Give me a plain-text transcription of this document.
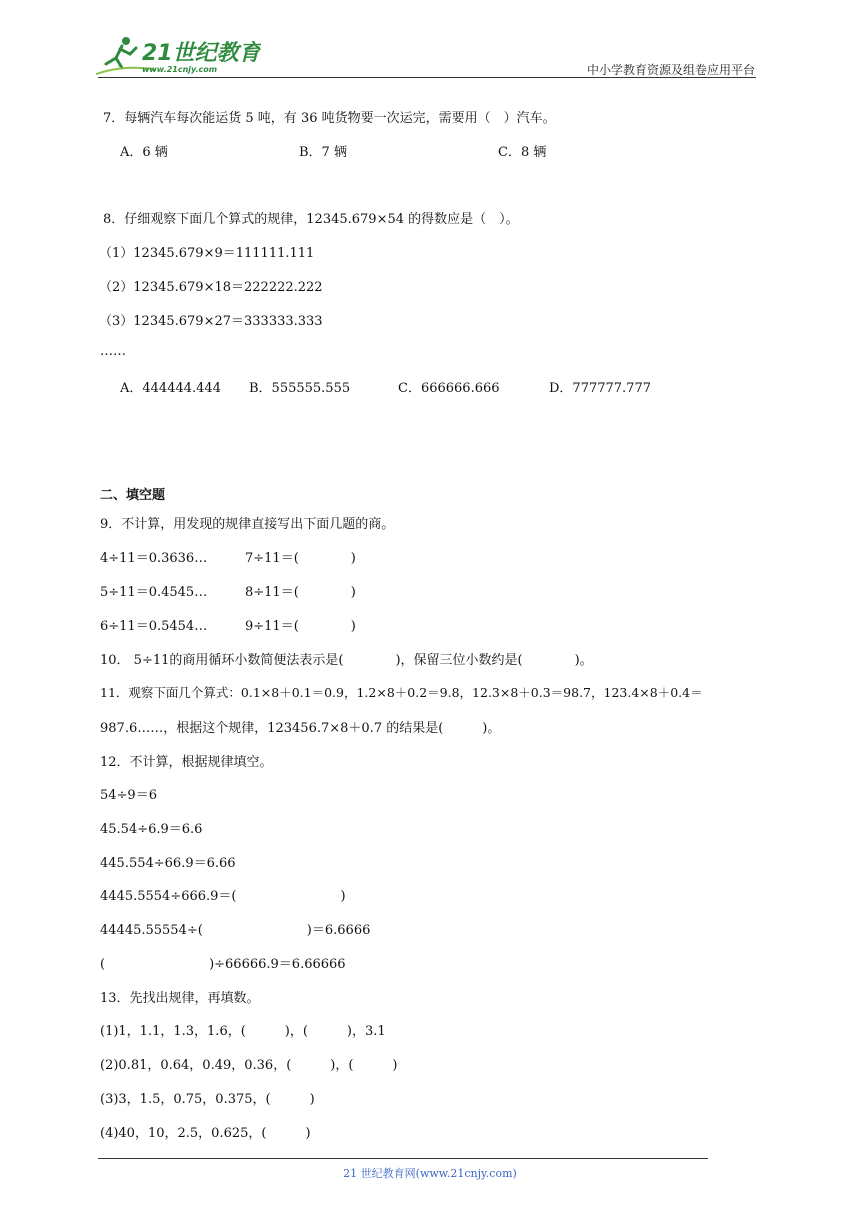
21世纪教育
www.21cnjy.com	中小学教育资源及组卷应用平台
7．每辆汽车每次能运货 5 吨，有 36 吨货物要一次运完，需要用（　）汽车。
A．6 辆	B．7 辆	C．8 辆
8．仔细观察下面几个算式的规律，12345.679×54 的得数应是（　）。
（1）12345.679×9＝111111.111
（2）12345.679×18＝222222.222
（3）12345.679×27＝333333.333
……
A．444444.444 B．555555.555	C．666666.666	D．777777.777
二、填空题
9．不计算，用发现的规律直接写出下面几题的商。
4÷11＝0.3636…	7÷11＝(　　　　)
5÷11＝0.4545…	8÷11＝(　　　　)
6÷11＝0.5454…	9÷11＝(　　　　)
10． 5÷11的商用循环小数简便法表示是(　　　　)，保留三位小数约是(　　　　)。
11．观察下面几个算式：0.1×8＋0.1＝0.9，1.2×8＋0.2＝9.8，12.3×8＋0.3＝98.7，123.4×8＋0.4＝
987.6……，根据这个规律，123456.7×8＋0.7 的结果是(　　　)。
12．不计算，根据规律填空。
54÷9＝6
45.54÷6.9＝6.6
445.554÷66.9＝6.66
4445.5554÷666.9＝(　　　　　　　　)
44445.55554÷(　　　　　　　　)＝6.6666
(　　　　　　　　)÷66666.9＝6.66666
13．先找出规律，再填数。
(1)1，1.1，1.3，1.6，(　　　)，(　　　)，3.1
(2)0.81，0.64，0.49，0.36，(　　　)，(　　　)
(3)3，1.5，0.75，0.375，(　　　)
(4)40，10，2.5，0.625，(　　　)
21 世纪教育网(www.21cnjy.com)
